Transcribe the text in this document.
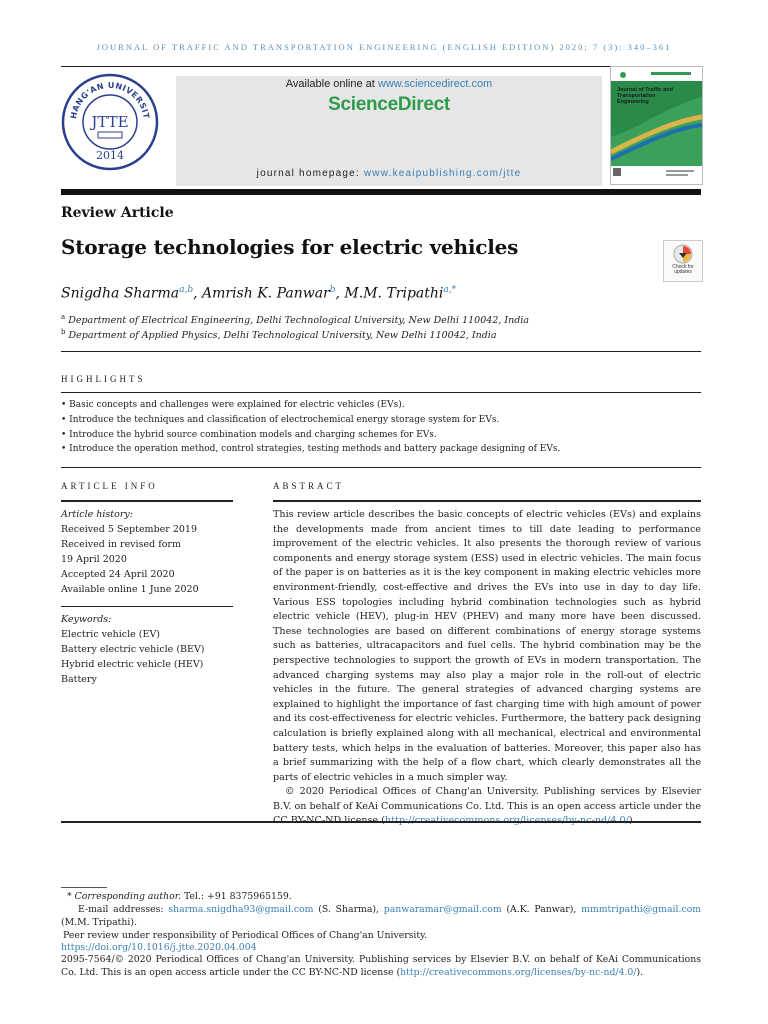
JOURNAL OF TRAFFIC AND TRANSPORTATION ENGINEERING (ENGLISH EDITION) 2020; 7 (3): 340–361
HANG'AN UNIVERSIT
JTTE
2014
Available online at www.sciencedirect.com
ScienceDirect
journal homepage: www.keaipublishing.com/jtte
Journal of Traffic and Transportation Engineering
Review Article
Storage technologies for electric vehicles
Check for updates
Snigdha Sharma$^{a,b}$, Amrish K. Panwar$^b$, M.M. Tripathi$^{a,*}$
$^a$ Department of Electrical Engineering, Delhi Technological University, New Delhi 110042, India
$^b$ Department of Applied Physics, Delhi Technological University, New Delhi 110042, India
HIGHLIGHTS
• Basic concepts and challenges were explained for electric vehicles (EVs).
• Introduce the techniques and classification of electrochemical energy storage system for EVs.
• Introduce the hybrid source combination models and charging schemes for EVs.
• Introduce the operation method, control strategies, testing methods and battery package designing of EVs.
ARTICLE INFO
Article history:
Received 5 September 2019
Received in revised form
19 April 2020
Accepted 24 April 2020
Available online 1 June 2020
Keywords:
Electric vehicle (EV)
Battery electric vehicle (BEV)
Hybrid electric vehicle (HEV)
Battery
ABSTRACT
This review article describes the basic concepts of electric vehicles (EVs) and explains the developments made from ancient times to till date leading to performance improvement of the electric vehicles. It also presents the thorough review of various components and energy storage system (ESS) used in electric vehicles. The main focus of the paper is on batteries as it is the key component in making electric vehicles more environment-friendly, cost-effective and drives the EVs into use in day to day life. Various ESS topologies including hybrid combination technologies such as hybrid electric vehicle (HEV), plug-in HEV (PHEV) and many more have been discussed. These technologies are based on different combinations of energy storage systems such as batteries, ultracapacitors and fuel cells. The hybrid combination may be the perspective technologies to support the growth of EVs in modern transportation. The advanced charging systems may also play a major role in the roll-out of electric vehicles in the future. The general strategies of advanced charging systems are explained to highlight the importance of fast charging time with high amount of power and its cost-effectiveness for electric vehicles. Furthermore, the battery pack designing calculation is briefly explained along with all mechanical, electrical and environmental battery tests, which helps in the evaluation of batteries. Moreover, this paper also has a brief summarizing with the help of a flow chart, which clearly demonstrates all the parts of electric vehicles in a much simpler way.
© 2020 Periodical Offices of Chang'an University. Publishing services by Elsevier B.V. on behalf of KeAi Communications Co. Ltd. This is an open access article under the
* Corresponding author. Tel.: +91 8375965159.
E-mail addresses: sharma.snigdha93@gmail.com (S. Sharma), panwaramar@gmail.com (A.K. Panwar), mmmtripathi@gmail.com (M.M. Tripathi).
Peer review under responsibility of Periodical Offices of Chang'an University.
https://doi.org/10.1016/j.jtte.2020.04.004
2095-7564/© 2020 Periodical Offices of Chang'an University. Publishing services by Elsevier B.V. on behalf of KeAi Communications Co. Ltd. This is an open access article under the CC BY-NC-ND license (http://creativecommons.org/licenses/by-nc-nd/4.0/).
